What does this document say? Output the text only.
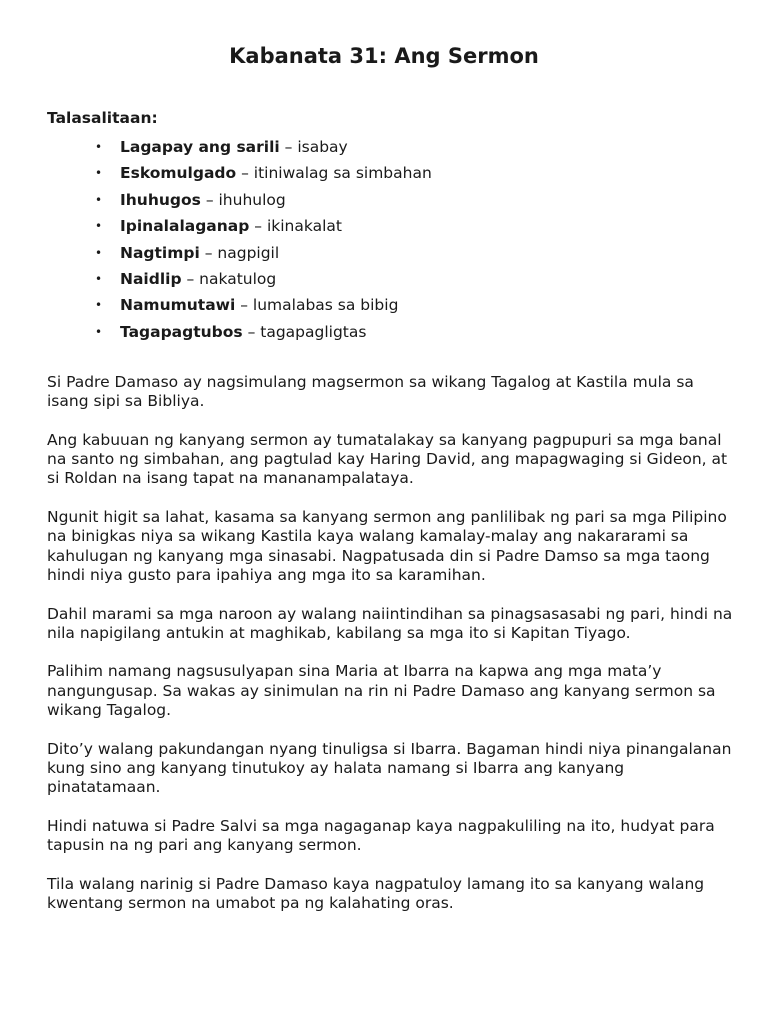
Kabanata 31: Ang Sermon
Talasalitaan:
• Lagapay ang sarili – isabay
• Eskomulgado – itiniwalag sa simbahan
• Ihuhugos – ihuhulog
• Ipinalalaganap – ikinakalat
• Nagtimpi – nagpigil
• Naidlip – nakatulog
• Namumutawi – lumalabas sa bibig
• Tagapagtubos – tagapagligtas

Si Padre Damaso ay nagsimulang magsermon sa wikang Tagalog at Kastila mula sa isang sipi sa Bibliya.

Ang kabuuan ng kanyang sermon ay tumatalakay sa kanyang pagpupuri sa mga banal na santo ng simbahan, ang pagtulad kay Haring David, ang mapagwaging si Gideon, at si Roldan na isang tapat na mananampalataya.

Ngunit higit sa lahat, kasama sa kanyang sermon ang panlilibak ng pari sa mga Pilipino na binigkas niya sa wikang Kastila kaya walang kamalay-malay ang nakararami sa kahulugan ng kanyang mga sinasabi. Nagpatusada din si Padre Damso sa mga taong hindi niya gusto para ipahiya ang mga ito sa karamihan.

Dahil marami sa mga naroon ay walang naiintindihan sa pinagsasasabi ng pari, hindi na nila napigilang antukin at maghikab, kabilang sa mga ito si Kapitan Tiyago.

Palihim namang nagsusulyapan sina Maria at Ibarra na kapwa ang mga mata’y nangungusap. Sa wakas ay sinimulan na rin ni Padre Damaso ang kanyang sermon sa wikang Tagalog.

Dito’y walang pakundangan nyang tinuligsa si Ibarra. Bagaman hindi niya pinangalanan kung sino ang kanyang tinutukoy ay halata namang si Ibarra ang kanyang pinatatamaan.

Hindi natuwa si Padre Salvi sa mga nagaganap kaya nagpakuliling na ito, hudyat para tapusin na ng pari ang kanyang sermon.

Tila walang narinig si Padre Damaso kaya nagpatuloy lamang ito sa kanyang walang kwentang sermon na umabot pa ng kalahating oras.
